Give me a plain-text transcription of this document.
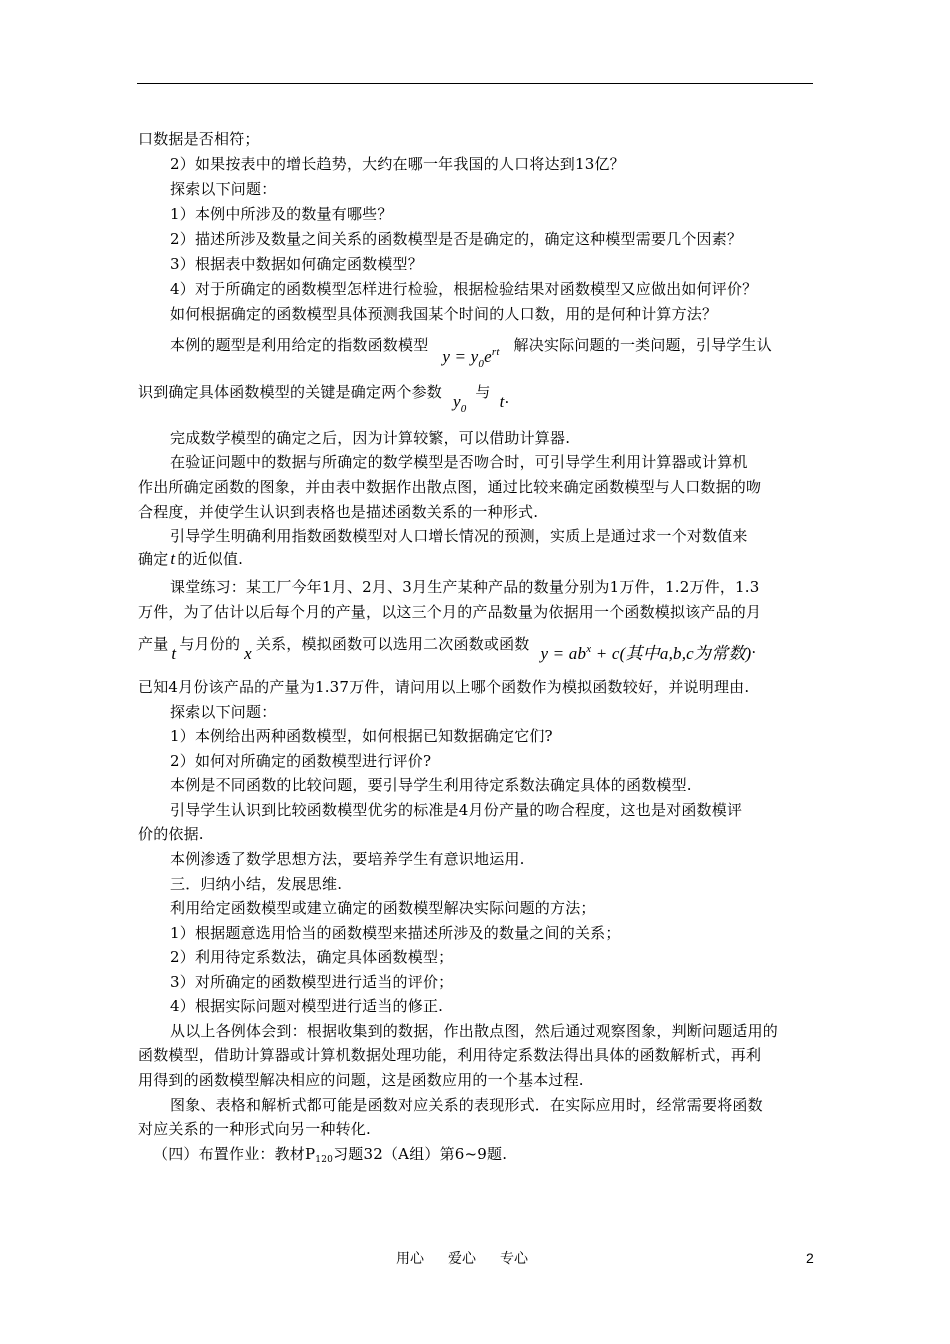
口数据是否相符；
2）如果按表中的增长趋势，大约在哪一年我国的人口将达到13亿？
探索以下问题：
1）本例中所涉及的数量有哪些？
2）描述所涉及数量之间关系的函数模型是否是确定的，确定这种模型需要几个因素？
3）根据表中数据如何确定函数模型？
4）对于所确定的函数模型怎样进行检验，根据检验结果对函数模型又应做出如何评价？
如何根据确定的函数模型具体预测我国某个时间的人口数，用的是何种计算方法？
本例的题型是利用给定的指数函数模型  $y = y_0e^{rt}$ 解决实际问题的一类问题，引导学生认
识到确定具体函数模型的关键是确定两个参数 $y_0$ 与 t.
完成数学模型的确定之后，因为计算较繁，可以借助计算器.
在验证问题中的数据与所确定的数学模型是否吻合时，可引导学生利用计算器或计算机
作出所确定函数的图象，并由表中数据作出散点图，通过比较来确定函数模型与人口数据的吻
合程度，并使学生认识到表格也是描述函数关系的一种形式.
引导学生明确利用指数函数模型对人口增长情况的预测，实质上是通过求一个对数值来
确定 t 的近似值.
课堂练习：某工厂今年1月、2月、3月生产某种产品的数量分别为1万件，1.2万件，1.3
万件，为了估计以后每个月的产量，以这三个月的产品数量为依据用一个函数模拟该产品的月
产量 t 与月份的 x 关系，模拟函数可以选用二次函数或函数 $y = ab^x + c$(其中a,b,c为常数).
已知4月份该产品的产量为1.37万件，请问用以上哪个函数作为模拟函数较好，并说明理由.
探索以下问题：
1）本例给出两种函数模型，如何根据已知数据确定它们?
2）如何对所确定的函数模型进行评价?
本例是不同函数的比较问题，要引导学生利用待定系数法确定具体的函数模型.
引导学生认识到比较函数模型优劣的标准是4月份产量的吻合程度，这也是对函数模评
价的依据.
本例渗透了数学思想方法，要培养学生有意识地运用.
三．归纳小结，发展思维.
利用给定函数模型或建立确定的函数模型解决实际问题的方法；
1）根据题意选用恰当的函数模型来描述所涉及的数量之间的关系；
2）利用待定系数法，确定具体函数模型；
3）对所确定的函数模型进行适当的评价；
4）根据实际问题对模型进行适当的修正.
从以上各例体会到：根据收集到的数据，作出散点图，然后通过观察图象，判断问题适用的
函数模型，借助计算器或计算机数据处理功能，利用待定系数法得出具体的函数解析式，再利
用得到的函数模型解决相应的问题，这是函数应用的一个基本过程.
图象、表格和解析式都可能是函数对应关系的表现形式．在实际应用时，经常需要将函数
对应关系的一种形式向另一种转化.
（四）布置作业：教材$P_{120}$习题32（A组）第6~9题.
用心 爱心 专心	2
